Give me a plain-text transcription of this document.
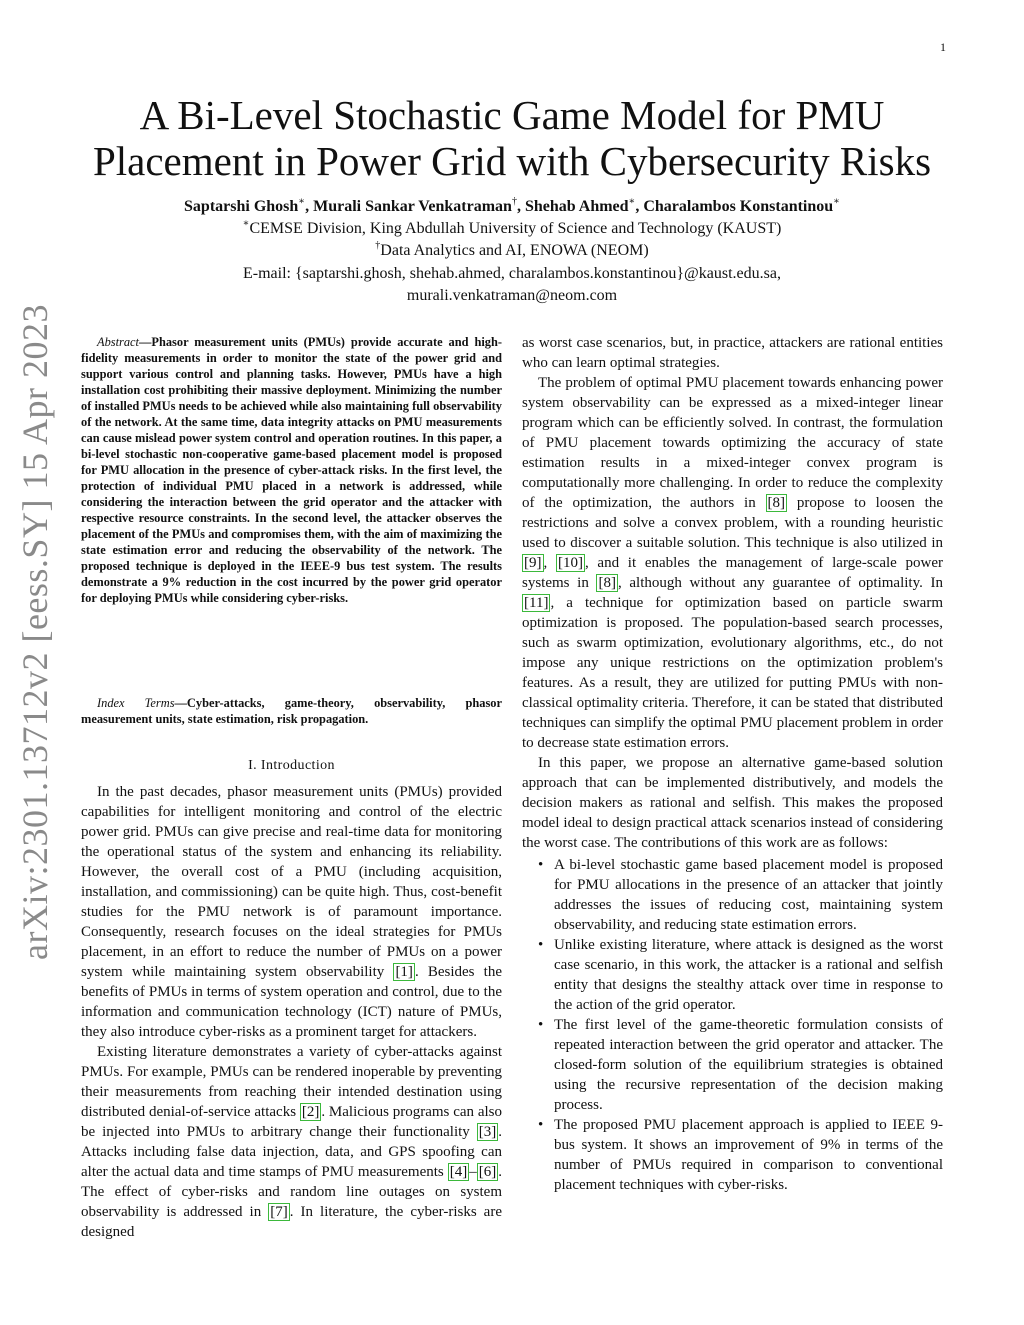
1
arXiv:2301.13712v2 [eess.SY] 15 Apr 2023
A Bi-Level Stochastic Game Model for PMU
Placement in Power Grid with Cybersecurity Risks
Saptarshi Ghosh∗, Murali Sankar Venkatraman†, Shehab Ahmed∗, Charalambos Konstantinou∗
∗CEMSE Division, King Abdullah University of Science and Technology (KAUST)
†Data Analytics and AI, ENOWA (NEOM)
E-mail: {saptarshi.ghosh, shehab.ahmed, charalambos.konstantinou}@kaust.edu.sa,
murali.venkatraman@neom.com
Abstract—Phasor measurement units (PMUs) provide accurate and high-fidelity measurements in order to monitor the state of the power grid and support various control and planning tasks. However, PMUs have a high installation cost prohibiting their massive deployment. Minimizing the number of installed PMUs needs to be achieved while also maintaining full observability of the network. At the same time, data integrity attacks on PMU measurements can cause mislead power system control and operation routines. In this paper, a bi-level stochastic non-cooperative game-based placement model is proposed for PMU allocation in the presence of cyber-attack risks. In the first level, the protection of individual PMU placed in a network is addressed, while considering the interaction between the grid operator and the attacker with respective resource constraints. In the second level, the attacker observes the placement of the PMUs and compromises them, with the aim of maximizing the state estimation error and reducing the observability of the network. The proposed technique is deployed in the IEEE-9 bus test system. The results demonstrate a 9% reduction in the cost incurred by the power grid operator for deploying PMUs while considering cyber-risks.
Index Terms—Cyber-attacks, game-theory, observability, phasor measurement units, state estimation, risk propagation.
I. Introduction

In the past decades, phasor measurement units (PMUs) provided capabilities for intelligent monitoring and control of the electric power grid. PMUs can give precise and real-time data for monitoring the operational status of the system and enhancing its reliability. However, the overall cost of a PMU (including acquisition, installation, and commissioning) can be quite high. Thus, cost-benefit studies for the PMU network is of paramount importance. Consequently, research focuses on the ideal strategies for PMUs placement, in an effort to reduce the number of PMUs on a power system while maintaining system observability [1] . Besides the benefits of PMUs in terms of system operation and control, due to the information and communication technology (ICT) nature of PMUs, they also introduce cyber-risks as a prominent target for attackers.

Existing literature demonstrates a variety of cyber-attacks against PMUs. For example, PMUs can be rendered inoperable by preventing their measurements from reaching their intended destination using distributed denial-of-service attacks [2] . Malicious programs can also be injected into PMUs to arbitrary change their functionality [3] . Attacks including false data injection, data, and GPS spoofing can alter the actual data and time stamps of PMU measurements [4] – [6] . The effect of cyber-risks and random line outages on system observability is addressed in [7] . In literature, the cyber-risks are designed

as worst case scenarios, but, in practice, attackers are rational entities who can learn optimal strategies.

The problem of optimal PMU placement towards enhancing power system observability can be expressed as a mixed-integer linear program which can be efficiently solved. In contrast, the formulation of PMU placement towards optimizing the accuracy of state estimation results in a mixed-integer convex program is computationally more challenging. In order to reduce the complexity of the optimization, the authors in [8] propose to loosen the restrictions and solve a convex problem, with a rounding heuristic used to discover a suitable solution. This technique is also utilized in [9] , [10] , and it enables the management of large-scale power systems in [8] , although without any guarantee of optimality. In [11] , a technique for optimization based on particle swarm optimization is proposed. The population-based search processes, such as swarm optimization, evolutionary algorithms, etc., do not impose any unique restrictions on the optimization problem's features. As a result, they are utilized for putting PMUs with non-classical optimality criteria. Therefore, it can be stated that distributed techniques can simplify the optimal PMU placement problem in order to decrease state estimation errors.

In this paper, we propose an alternative game-based solution approach that can be implemented distributively, and models the decision makers as rational and selfish. This makes the proposed model ideal to design practical attack scenarios instead of considering the worst case. The contributions of this work are as follows:

• A bi-level stochastic game based placement model is proposed for PMU allocations in the presence of an attacker that jointly addresses the issues of reducing cost, maintaining system observability, and reducing state estimation errors.
• Unlike existing literature, where attack is designed as the worst case scenario, in this work, the attacker is a rational and selfish entity that designs the stealthy attack over time in response to the action of the grid operator.
• The first level of the game-theoretic formulation consists of repeated interaction between the grid operator and attacker. The closed-form solution of the equilibrium strategies is obtained using the recursive representation of the decision making process.
• The proposed PMU placement approach is applied to IEEE 9-bus system. It shows an improvement of 9% in terms of the number of PMUs required in comparison to conventional placement techniques with cyber-risks.
